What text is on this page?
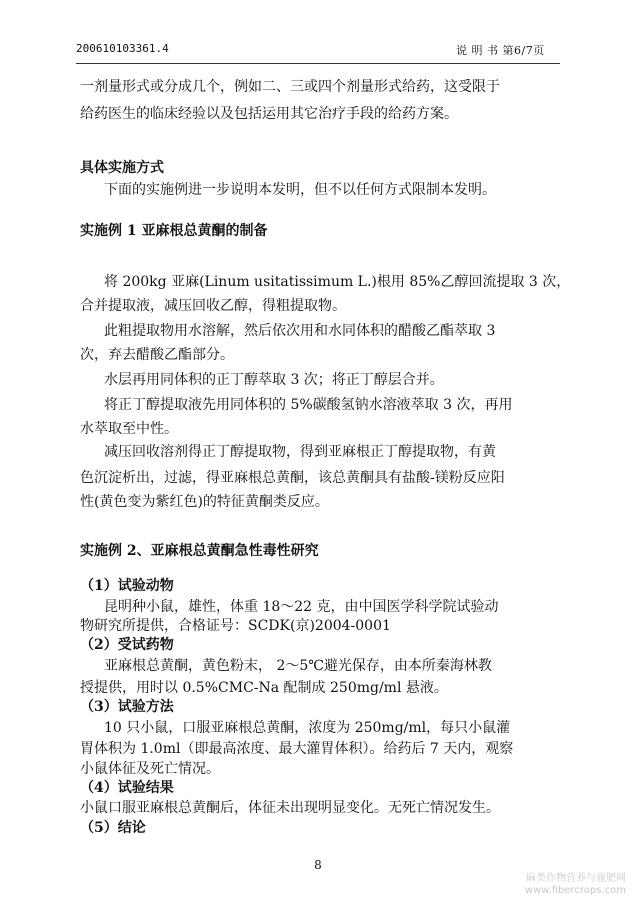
200610103361.4	说 明 书 第6/7页
一剂量形式或分成几个，例如二、三或四个剂量形式给药，这受限于
给药医生的临床经验以及包括运用其它治疗手段的给药方案。
具体实施方式
下面的实施例进一步说明本发明，但不以任何方式限制本发明。
实施例 1 亚麻根总黄酮的制备
将 200kg 亚麻(Linum usitatissimum L.)根用 85%乙醇回流提取 3 次，
合并提取液，减压回收乙醇，得粗提取物。
此粗提取物用水溶解，然后依次用和水同体积的醋酸乙酯萃取 3
次，弃去醋酸乙酯部分。
水层再用同体积的正丁醇萃取 3 次；将正丁醇层合并。
将正丁醇提取液先用同体积的 5%碳酸氢钠水溶液萃取 3 次，再用
水萃取至中性。
减压回收溶剂得正丁醇提取物，得到亚麻根正丁醇提取物，有黄
色沉淀析出，过滤，得亚麻根总黄酮，该总黄酮具有盐酸-镁粉反应阳
性(黄色变为紫红色)的特征黄酮类反应。
实施例 2、亚麻根总黄酮急性毒性研究
（1）试验动物
昆明种小鼠，雄性，体重 18～22 克，由中国医学科学院试验动
物研究所提供，合格证号：SCDK(京)2004-0001
（2）受试药物
亚麻根总黄酮，黄色粉末， 2～5℃避光保存，由本所秦海林教
授提供，用时以 0.5%CMC-Na 配制成 250mg/ml 悬液。
（3）试验方法
10 只小鼠，口服亚麻根总黄酮，浓度为 250mg/ml，每只小鼠灌
胃体积为 1.0ml（即最高浓度、最大灌胃体积）。给药后 7 天内，观察
小鼠体征及死亡情况。
（4）试验结果
小鼠口服亚麻根总黄酮后，体征未出现明显变化。无死亡情况发生。
（5）结论
8
麻类作物营养与施肥网
www.fibercrops.com
